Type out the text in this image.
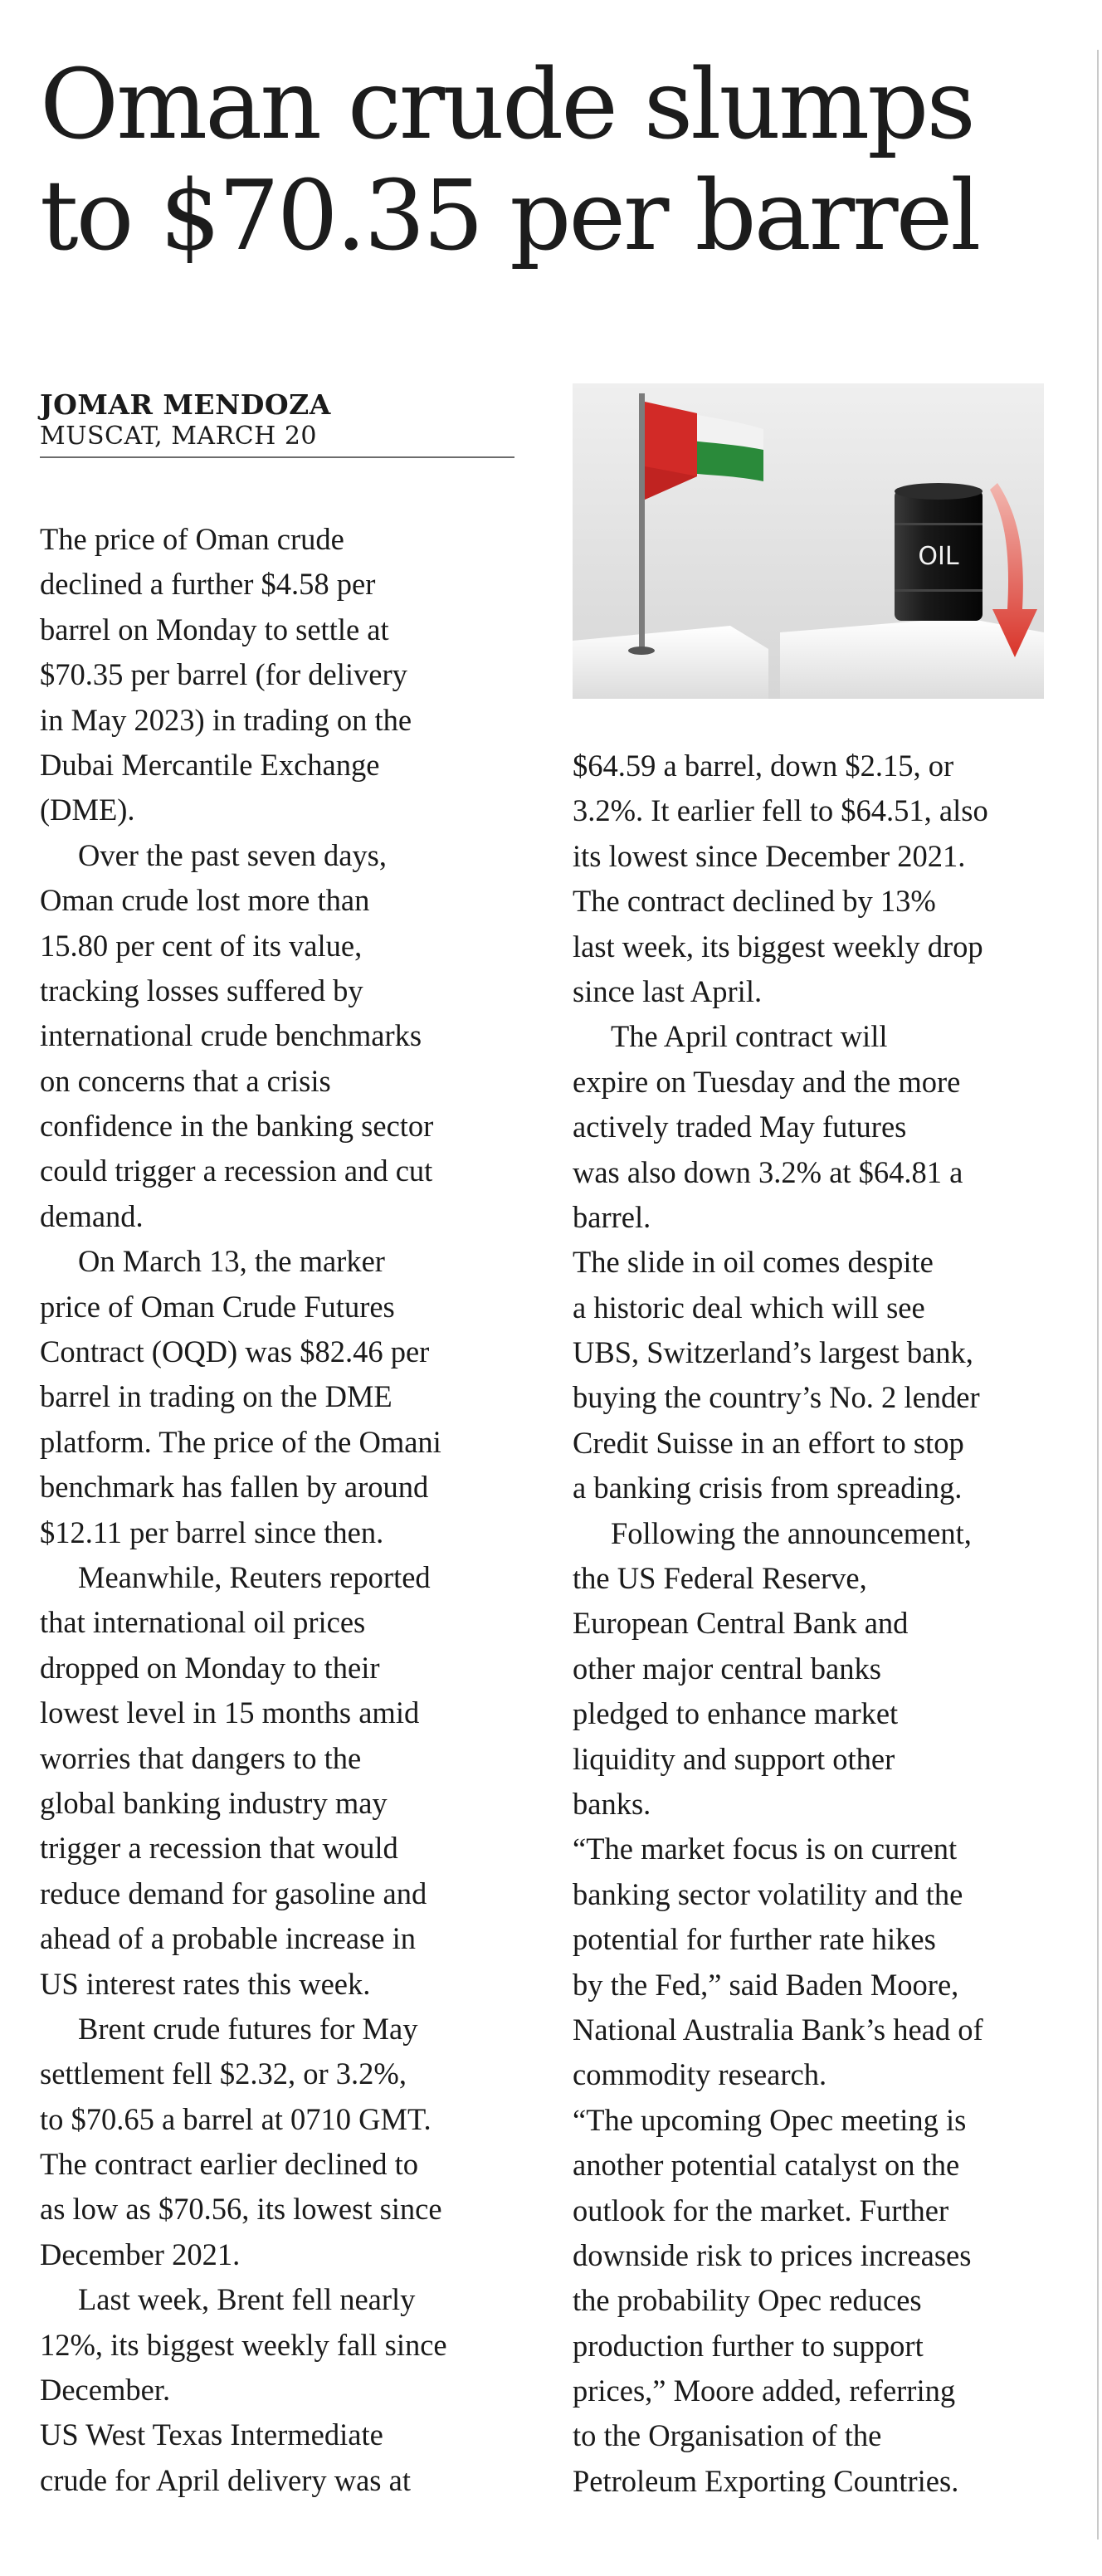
Oman crude slumps
to $70.35 per barrel
JOMAR MENDOZA
MUSCAT, MARCH 20
OIL
The price of Oman crude
declined a further $4.58 per
barrel on Monday to settle at
$70.35 per barrel (for delivery
in May 2023) in trading on the
Dubai Mercantile Exchange
(DME).
Over the past seven days,
Oman crude lost more than
15.80 per cent of its value,
tracking losses suffered by
international crude benchmarks
on concerns that a crisis
confidence in the banking sector
could trigger a recession and cut
demand.
On March 13, the marker
price of Oman Crude Futures
Contract (OQD) was $82.46 per
barrel in trading on the DME
platform. The price of the Omani
benchmark has fallen by around
$12.11 per barrel since then.
Meanwhile, Reuters reported
that international oil prices
dropped on Monday to their
lowest level in 15 months amid
worries that dangers to the
global banking industry may
trigger a recession that would
reduce demand for gasoline and
ahead of a probable increase in
US interest rates this week.
Brent crude futures for May
settlement fell $2.32, or 3.2%,
to $70.65 a barrel at 0710 GMT.
The contract earlier declined to
as low as $70.56, its lowest since
December 2021.
Last week, Brent fell nearly
12%, its biggest weekly fall since
December.
US West Texas Intermediate
crude for April delivery was at
$64.59 a barrel, down $2.15, or
3.2%. It earlier fell to $64.51, also
its lowest since December 2021.
The contract declined by 13%
last week, its biggest weekly drop
since last April.
The April contract will
expire on Tuesday and the more
actively traded May futures
was also down 3.2% at $64.81 a
barrel.
The slide in oil comes despite
a historic deal which will see
UBS, Switzerland’s largest bank,
buying the country’s No. 2 lender
Credit Suisse in an effort to stop
a banking crisis from spreading.
Following the announcement,
the US Federal Reserve,
European Central Bank and
other major central banks
pledged to enhance market
liquidity and support other
banks.
“The market focus is on current
banking sector volatility and the
potential for further rate hikes
by the Fed,” said Baden Moore,
National Australia Bank’s head of
commodity research.
“The upcoming Opec meeting is
another potential catalyst on the
outlook for the market. Further
downside risk to prices increases
the probability Opec reduces
production further to support
prices,” Moore added, referring
to the Organisation of the
Petroleum Exporting Countries.
